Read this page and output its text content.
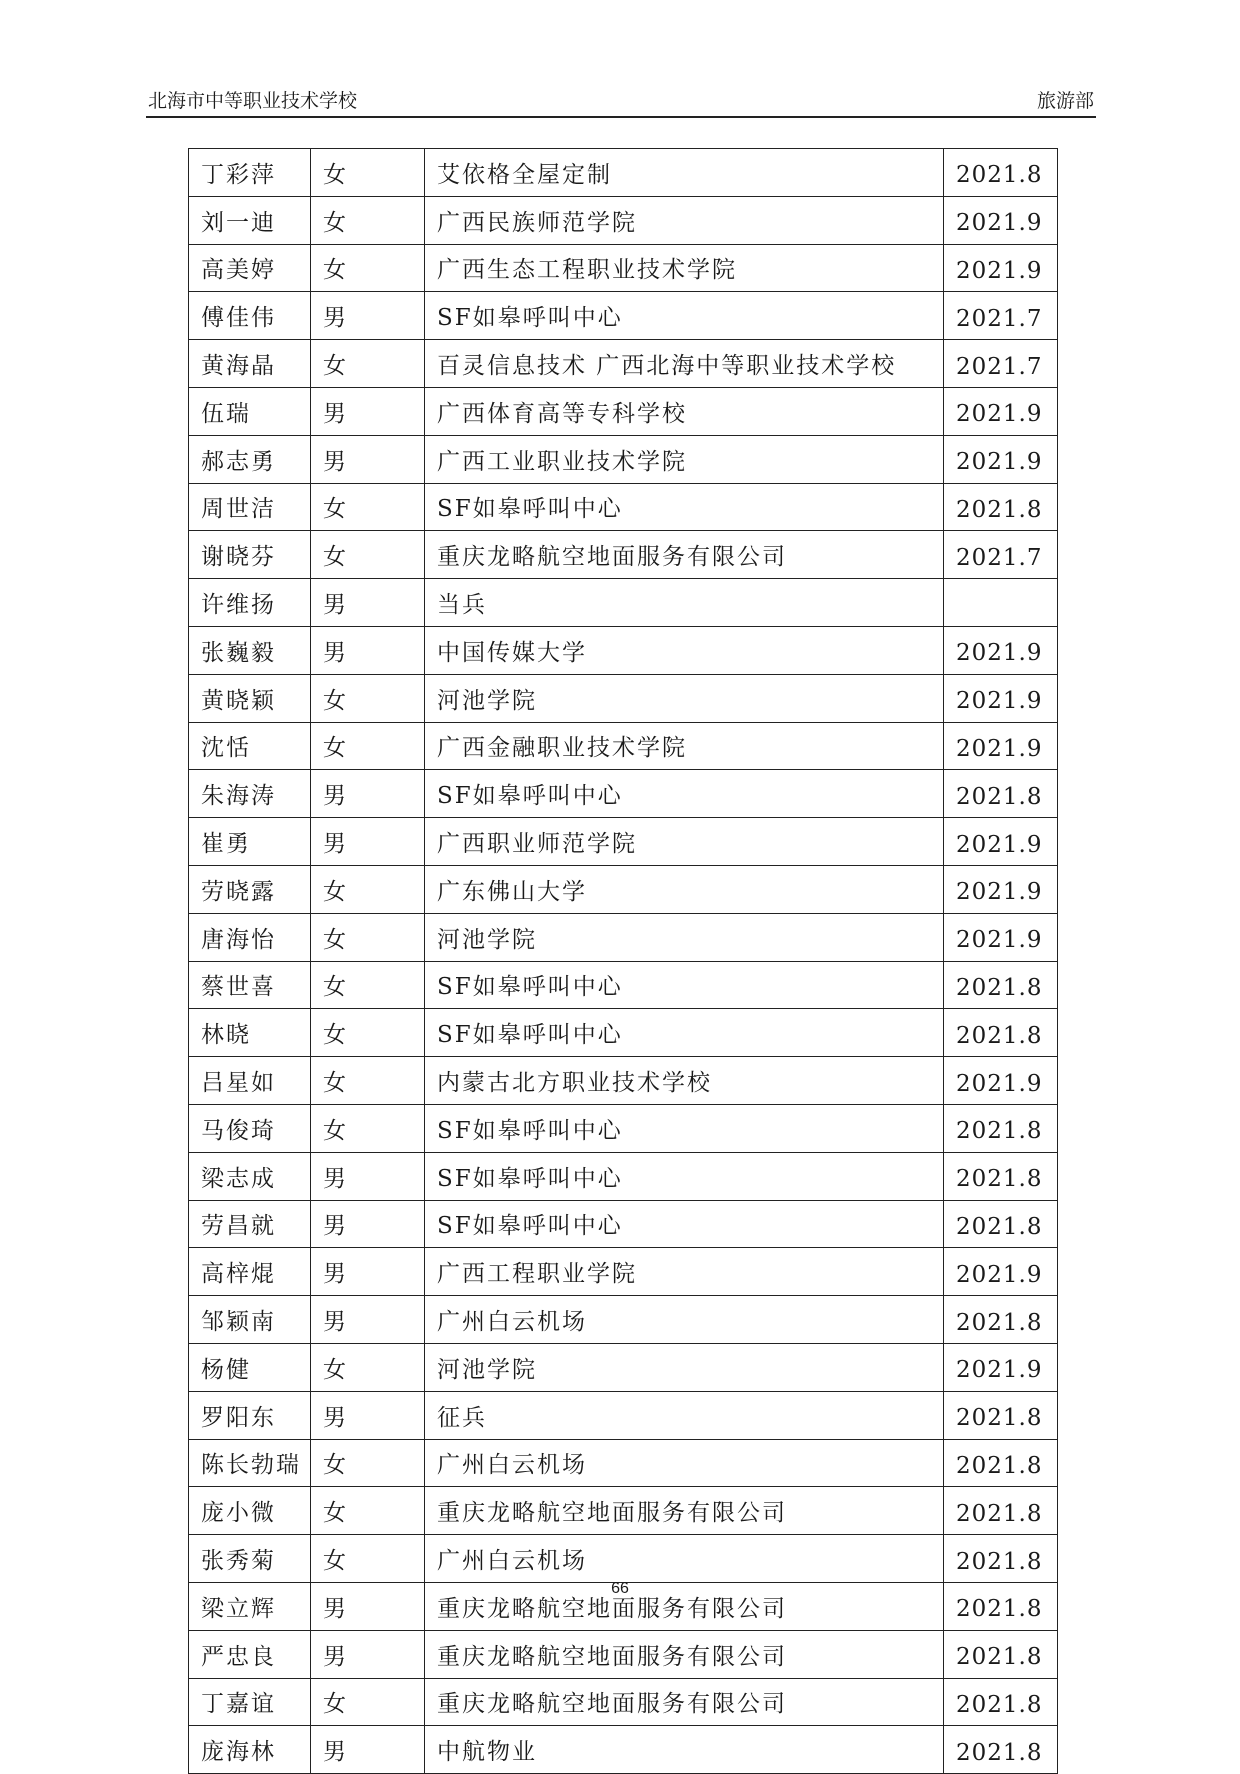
北海市中等职业技术学校	旅游部
丁彩萍	女	艾依格全屋定制	2021.8
刘一迪	女	广西民族师范学院	2021.9
高美婷	女	广西生态工程职业技术学院	2021.9
傅佳伟	男	SF如皋呼叫中心	2021.7
黄海晶	女	百灵信息技术 广西北海中等职业技术学校	2021.7
伍瑞	男	广西体育高等专科学校	2021.9
郝志勇	男	广西工业职业技术学院	2021.9
周世洁	女	SF如皋呼叫中心	2021.8
谢晓芬	女	重庆龙略航空地面服务有限公司	2021.7
许维扬	男	当兵	
张巍毅	男	中国传媒大学	2021.9
黄晓颖	女	河池学院	2021.9
沈恬	女	广西金融职业技术学院	2021.9
朱海涛	男	SF如皋呼叫中心	2021.8
崔勇	男	广西职业师范学院	2021.9
劳晓露	女	广东佛山大学	2021.9
唐海怡	女	河池学院	2021.9
蔡世喜	女	SF如皋呼叫中心	2021.8
林晓	女	SF如皋呼叫中心	2021.8
吕星如	女	内蒙古北方职业技术学校	2021.9
马俊琦	女	SF如皋呼叫中心	2021.8
梁志成	男	SF如皋呼叫中心	2021.8
劳昌就	男	SF如皋呼叫中心	2021.8
高梓焜	男	广西工程职业学院	2021.9
邹颖南	男	广州白云机场	2021.8
杨健	女	河池学院	2021.9
罗阳东	男	征兵	2021.8
陈长勃瑞	女	广州白云机场	2021.8
庞小微	女	重庆龙略航空地面服务有限公司	2021.8
张秀菊	女	广州白云机场	2021.8
梁立辉	男	重庆龙略航空地面服务有限公司	2021.8
严忠良	男	重庆龙略航空地面服务有限公司	2021.8
丁嘉谊	女	重庆龙略航空地面服务有限公司	2021.8
庞海林	男	中航物业	2021.8
66
